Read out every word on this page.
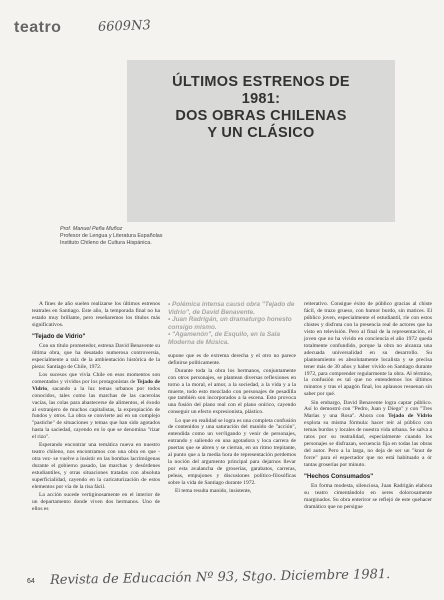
teatro	6609N3
ÚLTIMOS ESTRENOS DE
1981:
DOS OBRAS CHILENAS
Y UN CLÁSICO
Prof. Manuel Peña Muñoz
Profesor de Lengua y Literatura Españolas
Instituto Chileno de Cultura Hispánica.

A fines de año suelen realizarse los últimos estrenos teatrales en Santiago. Este año, la temporada final no ha estado muy brillante, pero reseñaremos los títulos más significativos.

"Tejado de Vidrio"

Con un título prometedor, estrena David Benavente su última obra, que ha desatado numerosa controversia, especialmente a raíz de la ambientación histórica de la pieza: Santiago de Chile, 1972.

Los sucesos que vivía Chile en esos momentos son comentados y vividos por los protagonistas de Tejado de Vidrio, sacando a la luz temas urbanos por todos conocidos, tales como las marchas de las cacerolas vacías, las colas para abastecerse de alimentos, el éxodo al extranjero de muchos capitalistas, la expropiación de fundos y otros. La obra se convierte así en un complejo "pastiche" de situaciones y temas que han sido agotados hasta la saciedad, cayendo en lo que se denomina "rizar el rizo".

Esperando encontrar una temática nueva en nuestro teatro chileno, nos encontramos con una obra en que -otra vez- se vuelve a insistir en las bombas lacrimógenas durante el gobierno pasado, las marchas y desórdenes estudiantiles, y otras situaciones tratadas con absoluta superficialidad, cayendo en la caricaturización de estos elementos por vía de la risa fácil.

La acción sucede vertiginosamente en el interior de un departamento donde viven dos hermanos. Uno de ellos es

• Polémica intensa causó obra "Tejado de Vidrio", de David Benavente.
• Juan Radrigán, un dramaturgo honesto consigo mismo.
• "Agamenón", de Esquilo, en la Sala Moderna de Música.

supone que es de extrema derecha y el otro no parece definirse políticamente.

Durante toda la obra los hermanos, conjuntamente con otros personajes, se plantean diversas reflexiones en torno a la moral, el amor, a la sociedad, a la vida y a la muerte, todo esto mezclado con personajes de pesadilla que también son incorporados a la escena. Esto provoca una fusión del plano real con el plano onírico, cayendo conseguir un efecto expresionista, plástico.

Lo que en realidad se logra es una completa confusión de contenidos y una saturación del manido de "acción", entendida como un ver/ligando y venir de personajes, entrando y saliendo en una agotadora y loca carrera de puertas que se abren y se cierran, en un ritmo trepitante, al punto que a la media hora de representación perdemos la noción del argumento principal para dejarnos llevar por esta avalancha de groserías, garabatos, carreras, peleas, empujones y discusiones político-filosóficas sobre la vida de Santiago durante 1972.

El tema resulta manido, insistente,

reiterativo. Consigue éxito de público gracias al chiste fácil, de trazo grueso, con humor burdo, sin matices. El público joven, especialmente el estudiantil, ríe con estos chistes y disfruta con la presencia real de actores que ha visto en televisión. Pero al final de la representación, el joven que no ha vivido en conciencia el año 1972 queda totalmente confundido, porque la obra no alcanza una adecuada universalidad en su desarrollo. Su planteamiento es absolutamente localista y se precisa tener más de 30 años y haber vivido en Santiago durante 1972, para comprender regularmente la obra. Al término, la confusión es tal que no entendemos los últimos minutos y tras el apagón final, los aplausos resuenan sin saber por qué.

Sin embargo, David Benavente logra captar público. Así lo demostró con "Pedro, Juan y Diego" y con "Tres Marías y una Rosa". Ahora con Tejado de Vidrio explota su misma fórmula: hacer reír al público con temas burdos y locales de nuestra vida urbana. Se salva a ratos por su teatralidad, especialmente cuando los personajes se disfrazan, secuencia fija en todas las obras del autor. Pero a la larga, no deja de ser un "knut de force" para el espectador que no está habituado a ór tantas groserías por minuto.

"Hechos Consumados"

En forma modesta, silenciosa, Juan Radrigán elabora su teatro cimentándolo en seres dolorosamente marginados. Su obra enteriror se reflejó de este quehacer dramático que no persigue

64 Revista de Educación Nº 93, Stgo. Diciembre 1981.
